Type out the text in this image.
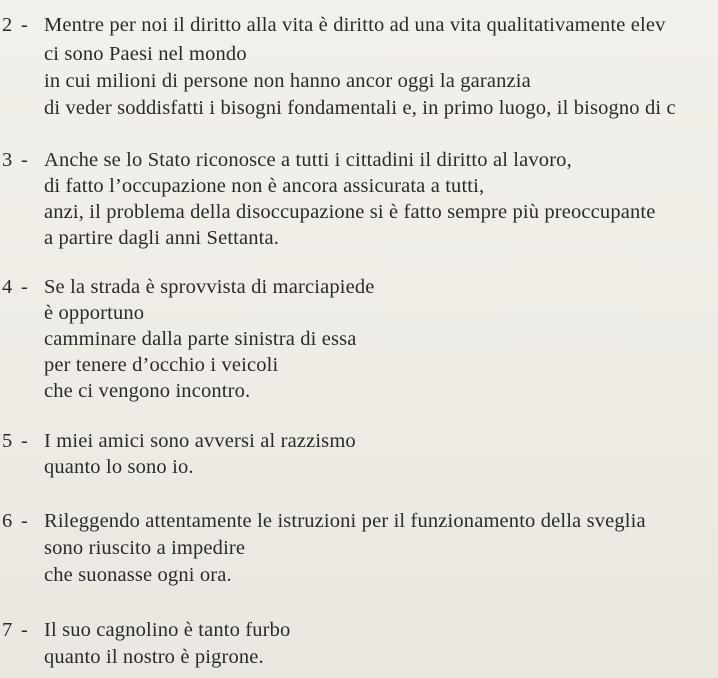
2 - Mentre per noi il diritto alla vita è diritto ad una vita qualitativamente elev
ci sono Paesi nel mondo
in cui milioni di persone non hanno ancor oggi la garanzia
di veder soddisfatti i bisogni fondamentali e, in primo luogo, il bisogno di c
3 - Anche se lo Stato riconosce a tutti i cittadini il diritto al lavoro,
di fatto l’occupazione non è ancora assicurata a tutti,
anzi, il problema della disoccupazione si è fatto sempre più preoccupante
a partire dagli anni Settanta.
4 - Se la strada è sprovvista di marciapiede
è opportuno
camminare dalla parte sinistra di essa
per tenere d’occhio i veicoli
che ci vengono incontro.
5 - I miei amici sono avversi al razzismo
quanto lo sono io.
6 - Rileggendo attentamente le istruzioni per il funzionamento della sveglia
sono riuscito a impedire
che suonasse ogni ora.
7 - Il suo cagnolino è tanto furbo
quanto il nostro è pigrone.
